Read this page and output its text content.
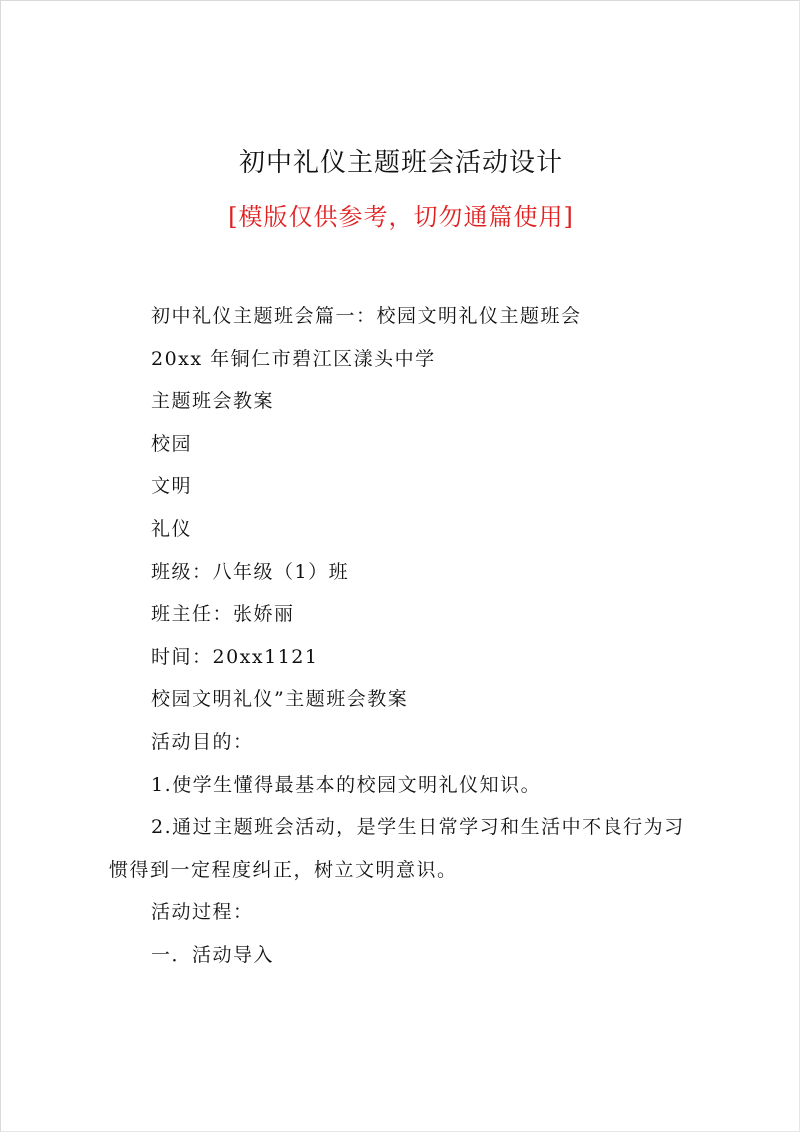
初中礼仪主题班会活动设计
[模版仅供参考，切勿通篇使用]
初中礼仪主题班会篇一：校园文明礼仪主题班会
20xx 年铜仁市碧江区漾头中学
主题班会教案
校园
文明
礼仪
班级：八年级（1）班
班主任：张娇丽
时间：20xx1121
校园文明礼仪”主题班会教案
活动目的：
1.使学生懂得最基本的校园文明礼仪知识。
2.通过主题班会活动，是学生日常学习和生活中不良行为习
惯得到一定程度纠正，树立文明意识。
活动过程：
一．活动导入
